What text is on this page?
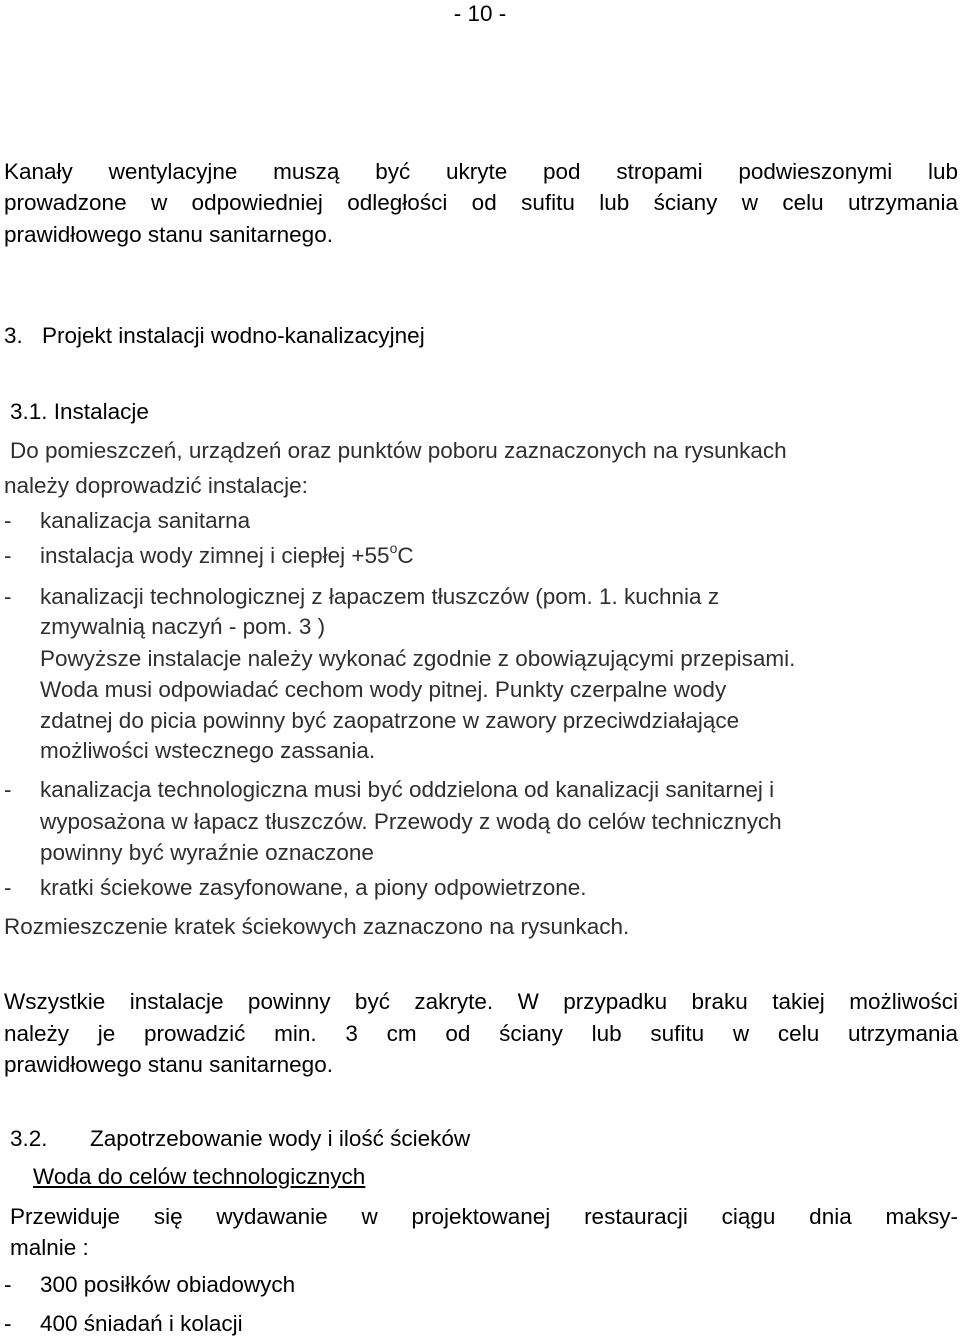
- 10 -
Kanały wentylacyjne muszą być ukryte pod stropami podwieszonymi lub
prowadzone w odpowiedniej odległości od sufitu lub ściany w celu utrzymania
prawidłowego stanu sanitarnego.
3. Projekt instalacji wodno-kanalizacyjnej
3.1. Instalacje
Do pomieszczeń, urządzeń oraz punktów poboru zaznaczonych na rysunkach
należy doprowadzić instalacje:
- kanalizacja sanitarna
- instalacja wody zimnej i ciepłej $+55^oC$
- kanalizacji technologicznej z łapaczem tłuszczów (pom. 1. kuchnia z
zmywalnią naczyń - pom. 3 )
Powyższe instalacje należy wykonać zgodnie z obowiązującymi przepisami.
Woda musi odpowiadać cechom wody pitnej. Punkty czerpalne wody
zdatnej do picia powinny być zaopatrzone w zawory przeciwdziałające
możliwości wstecznego zassania.
- kanalizacja technologiczna musi być oddzielona od kanalizacji sanitarnej i
wyposażona w łapacz tłuszczów. Przewody z wodą do celów technicznych
powinny być wyraźnie oznaczone
- kratki ściekowe zasyfonowane, a piony odpowietrzone.
Rozmieszczenie kratek ściekowych zaznaczono na rysunkach.
Wszystkie instalacje powinny być zakryte. W przypadku braku takiej możliwości
należy je prowadzić min. 3 cm od ściany lub sufitu w celu utrzymania
prawidłowego stanu sanitarnego.
3.2. Zapotrzebowanie wody i ilość ścieków
Woda do celów technologicznych
Przewiduje się wydawanie w projektowanej restauracji ciągu dnia maksy-
malnie :
- 300 posiłków obiadowych
- 400 śniadań i kolacji
